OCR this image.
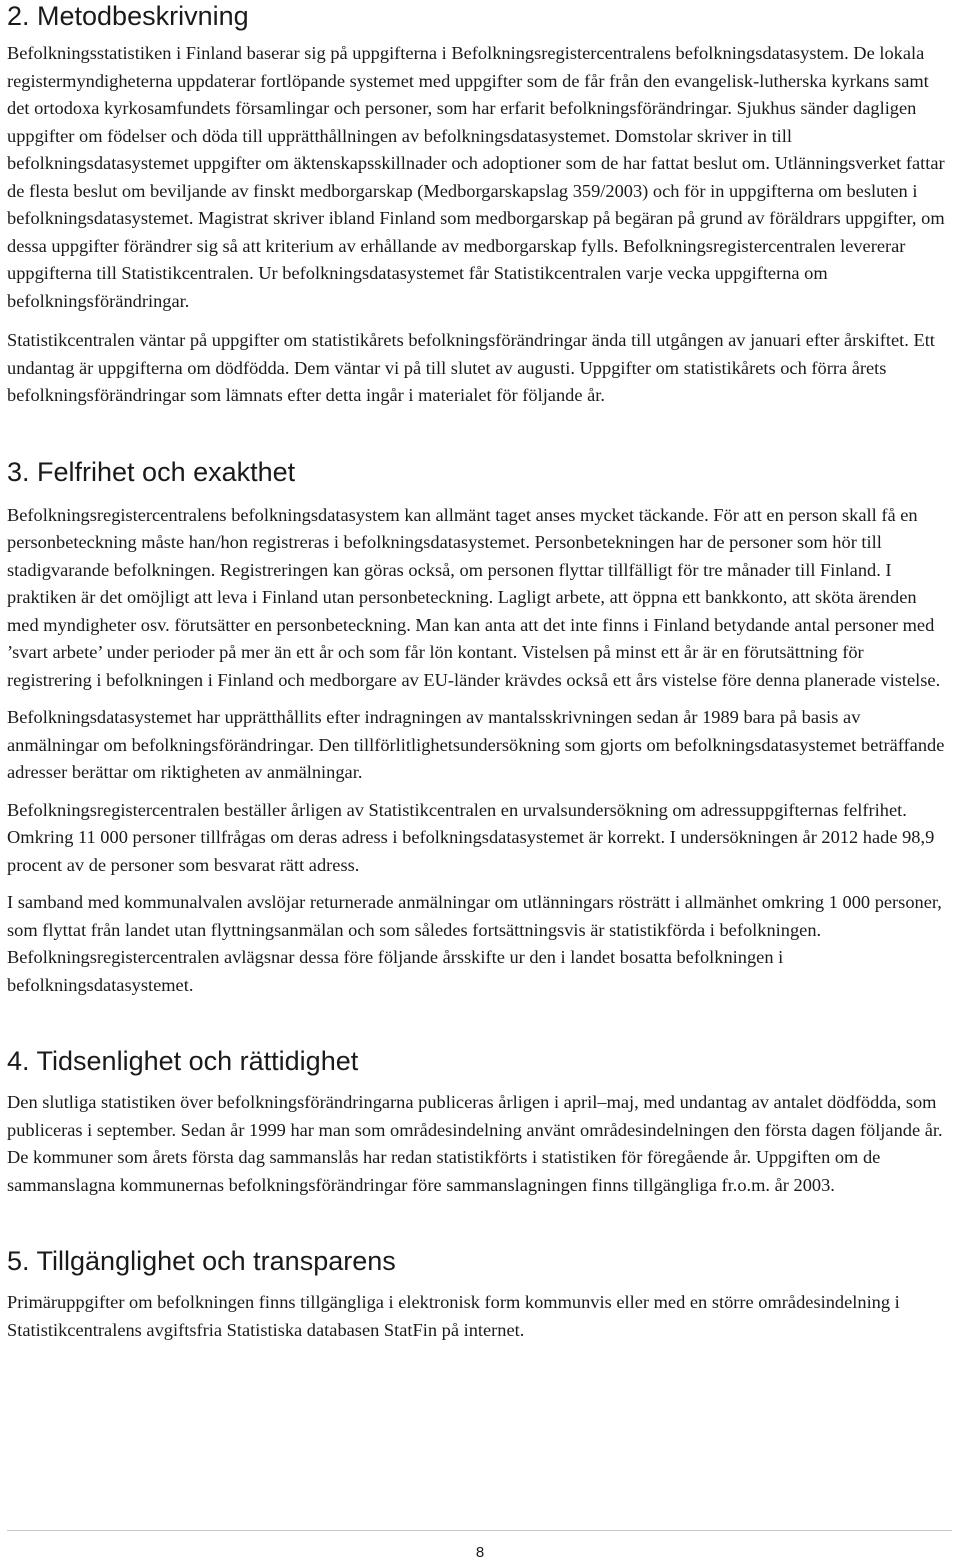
2. Metodbeskrivning

Befolkningsstatistiken i Finland baserar sig på uppgifterna i Befolkningsregistercentralens befolkningsdatasystem. De lokala registermyndigheterna uppdaterar fortlöpande systemet med uppgifter som de får från den evangelisk-lutherska kyrkans samt det ortodoxa kyrkosamfundets församlingar och personer, som har erfarit befolkningsförändringar. Sjukhus sänder dagligen uppgifter om födelser och döda till upprätthållningen av befolkningsdatasystemet. Domstolar skriver in till befolkningsdatasystemet uppgifter om äktenskapsskillnader och adoptioner som de har fattat beslut om. Utlänningsverket fattar de flesta beslut om beviljande av finskt medborgarskap (Medborgarskapslag 359/2003) och för in uppgifterna om besluten i befolkningsdatasystemet. Magistrat skriver ibland Finland som medborgarskap på begäran på grund av föräldrars uppgifter, om dessa uppgifter förändrer sig så att kriterium av erhållande av medborgarskap fylls. Befolkningsregistercentralen levererar uppgifterna till Statistikcentralen. Ur befolkningsdatasystemet får Statistikcentralen varje vecka uppgifterna om befolkningsförändringar.

Statistikcentralen väntar på uppgifter om statistikårets befolkningsförändringar ända till utgången av januari efter årskiftet. Ett undantag är uppgifterna om dödfödda. Dem väntar vi på till slutet av augusti. Uppgifter om statistikårets och förra årets befolkningsförändringar som lämnats efter detta ingår i materialet för följande år.

3. Felfrihet och exakthet

Befolkningsregistercentralens befolkningsdatasystem kan allmänt taget anses mycket täckande. För att en person skall få en personbeteckning måste han/hon registreras i befolkningsdatasystemet. Personbetekningen har de personer som hör till stadigvarande befolkningen. Registreringen kan göras också, om personen flyttar tillfälligt för tre månader till Finland. I praktiken är det omöjligt att leva i Finland utan personbeteckning. Lagligt arbete, att öppna ett bankkonto, att sköta ärenden med myndigheter osv. förutsätter en personbeteckning. Man kan anta att det inte finns i Finland betydande antal personer med ’svart arbete’ under perioder på mer än ett år och som får lön kontant. Vistelsen på minst ett år är en förutsättning för registrering i befolkningen i Finland och medborgare av EU-länder krävdes också ett års vistelse före denna planerade vistelse.

Befolkningsdatasystemet har upprätthållits efter indragningen av mantalsskrivningen sedan år 1989 bara på basis av anmälningar om befolkningsförändringar. Den tillförlitlighetsundersökning som gjorts om befolkningsdatasystemet beträffande adresser berättar om riktigheten av anmälningar.

Befolkningsregistercentralen beställer årligen av Statistikcentralen en urvalsundersökning om adressuppgifternas felfrihet. Omkring 11 000 personer tillfrågas om deras adress i befolkningsdatasystemet är korrekt. I undersökningen år 2012 hade 98,9 procent av de personer som besvarat rätt adress.

I samband med kommunalvalen avslöjar returnerade anmälningar om utlänningars rösträtt i allmänhet omkring 1 000 personer, som flyttat från landet utan flyttningsanmälan och som således fortsättningsvis är statistikförda i befolkningen. Befolkningsregistercentralen avlägsnar dessa före följande årsskifte ur den i landet bosatta befolkningen i befolkningsdatasystemet.

4. Tidsenlighet och rättidighet

Den slutliga statistiken över befolkningsförändringarna publiceras årligen i april–maj, med undantag av antalet dödfödda, som publiceras i september. Sedan år 1999 har man som områdesindelning använt områdesindelningen den första dagen följande år. De kommuner som årets första dag sammanslås har redan statistikförts i statistiken för föregående år. Uppgiften om de sammanslagna kommunernas befolkningsförändringar före sammanslagningen finns tillgängliga fr.o.m. år 2003.

5. Tillgänglighet och transparens

Primäruppgifter om befolkningen finns tillgängliga i elektronisk form kommunvis eller med en större områdesindelning i Statistikcentralens avgiftsfria Statistiska databasen StatFin på internet.

8
